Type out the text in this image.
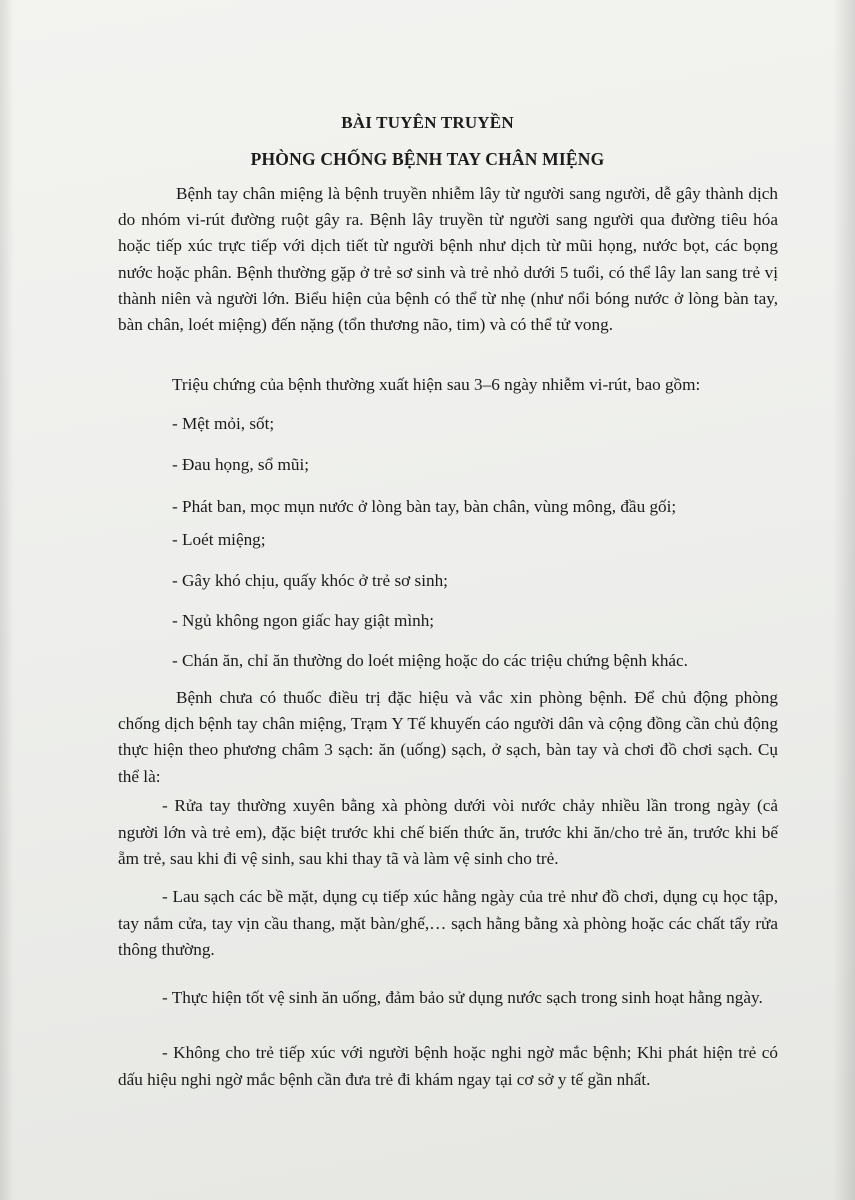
BÀI TUYÊN TRUYỀN
PHÒNG CHỐNG BỆNH TAY CHÂN MIỆNG

Bệnh tay chân miệng là bệnh truyền nhiễm lây từ người sang người, dễ gây thành dịch do nhóm vi-rút đường ruột gây ra. Bệnh lây truyền từ người sang người qua đường tiêu hóa hoặc tiếp xúc trực tiếp với dịch tiết từ người bệnh như dịch từ mũi họng, nước bọt, các bọng nước hoặc phân. Bệnh thường gặp ở trẻ sơ sinh và trẻ nhỏ dưới 5 tuổi, có thể lây lan sang trẻ vị thành niên và người lớn. Biểu hiện của bệnh có thể từ nhẹ (như nổi bóng nước ở lòng bàn tay, bàn chân, loét miệng) đến nặng (tổn thương não, tim) và có thể tử vong.

Triệu chứng của bệnh thường xuất hiện sau 3–6 ngày nhiễm vi-rút, bao gồm:
- Mệt mỏi, sốt;
- Đau họng, sổ mũi;
- Phát ban, mọc mụn nước ở lòng bàn tay, bàn chân, vùng mông, đầu gối;
- Loét miệng;
- Gây khó chịu, quấy khóc ở trẻ sơ sinh;
- Ngủ không ngon giấc hay giật mình;
- Chán ăn, chỉ ăn thường do loét miệng hoặc do các triệu chứng bệnh khác.

Bệnh chưa có thuốc điều trị đặc hiệu và vắc xin phòng bệnh. Để chủ động phòng chống dịch bệnh tay chân miệng, Trạm Y Tế khuyến cáo người dân và cộng đồng cần chủ động thực hiện theo phương châm 3 sạch: ăn (uống) sạch, ở sạch, bàn tay và chơi đồ chơi sạch. Cụ thể là:

- Rửa tay thường xuyên bằng xà phòng dưới vòi nước chảy nhiều lần trong ngày (cả người lớn và trẻ em), đặc biệt trước khi chế biến thức ăn, trước khi ăn/cho trẻ ăn, trước khi bế ẵm trẻ, sau khi đi vệ sinh, sau khi thay tã và làm vệ sinh cho trẻ.

- Lau sạch các bề mặt, dụng cụ tiếp xúc hằng ngày của trẻ như đồ chơi, dụng cụ học tập, tay nắm cửa, tay vịn cầu thang, mặt bàn/ghế,… sạch hằng bằng xà phòng hoặc các chất tẩy rửa thông thường.

- Thực hiện tốt vệ sinh ăn uống, đảm bảo sử dụng nước sạch trong sinh hoạt hằng ngày.

- Không cho trẻ tiếp xúc với người bệnh hoặc nghi ngờ mắc bệnh; Khi phát hiện trẻ có dấu hiệu nghi ngờ mắc bệnh cần đưa trẻ đi khám ngay tại cơ sở y tế gần nhất.
